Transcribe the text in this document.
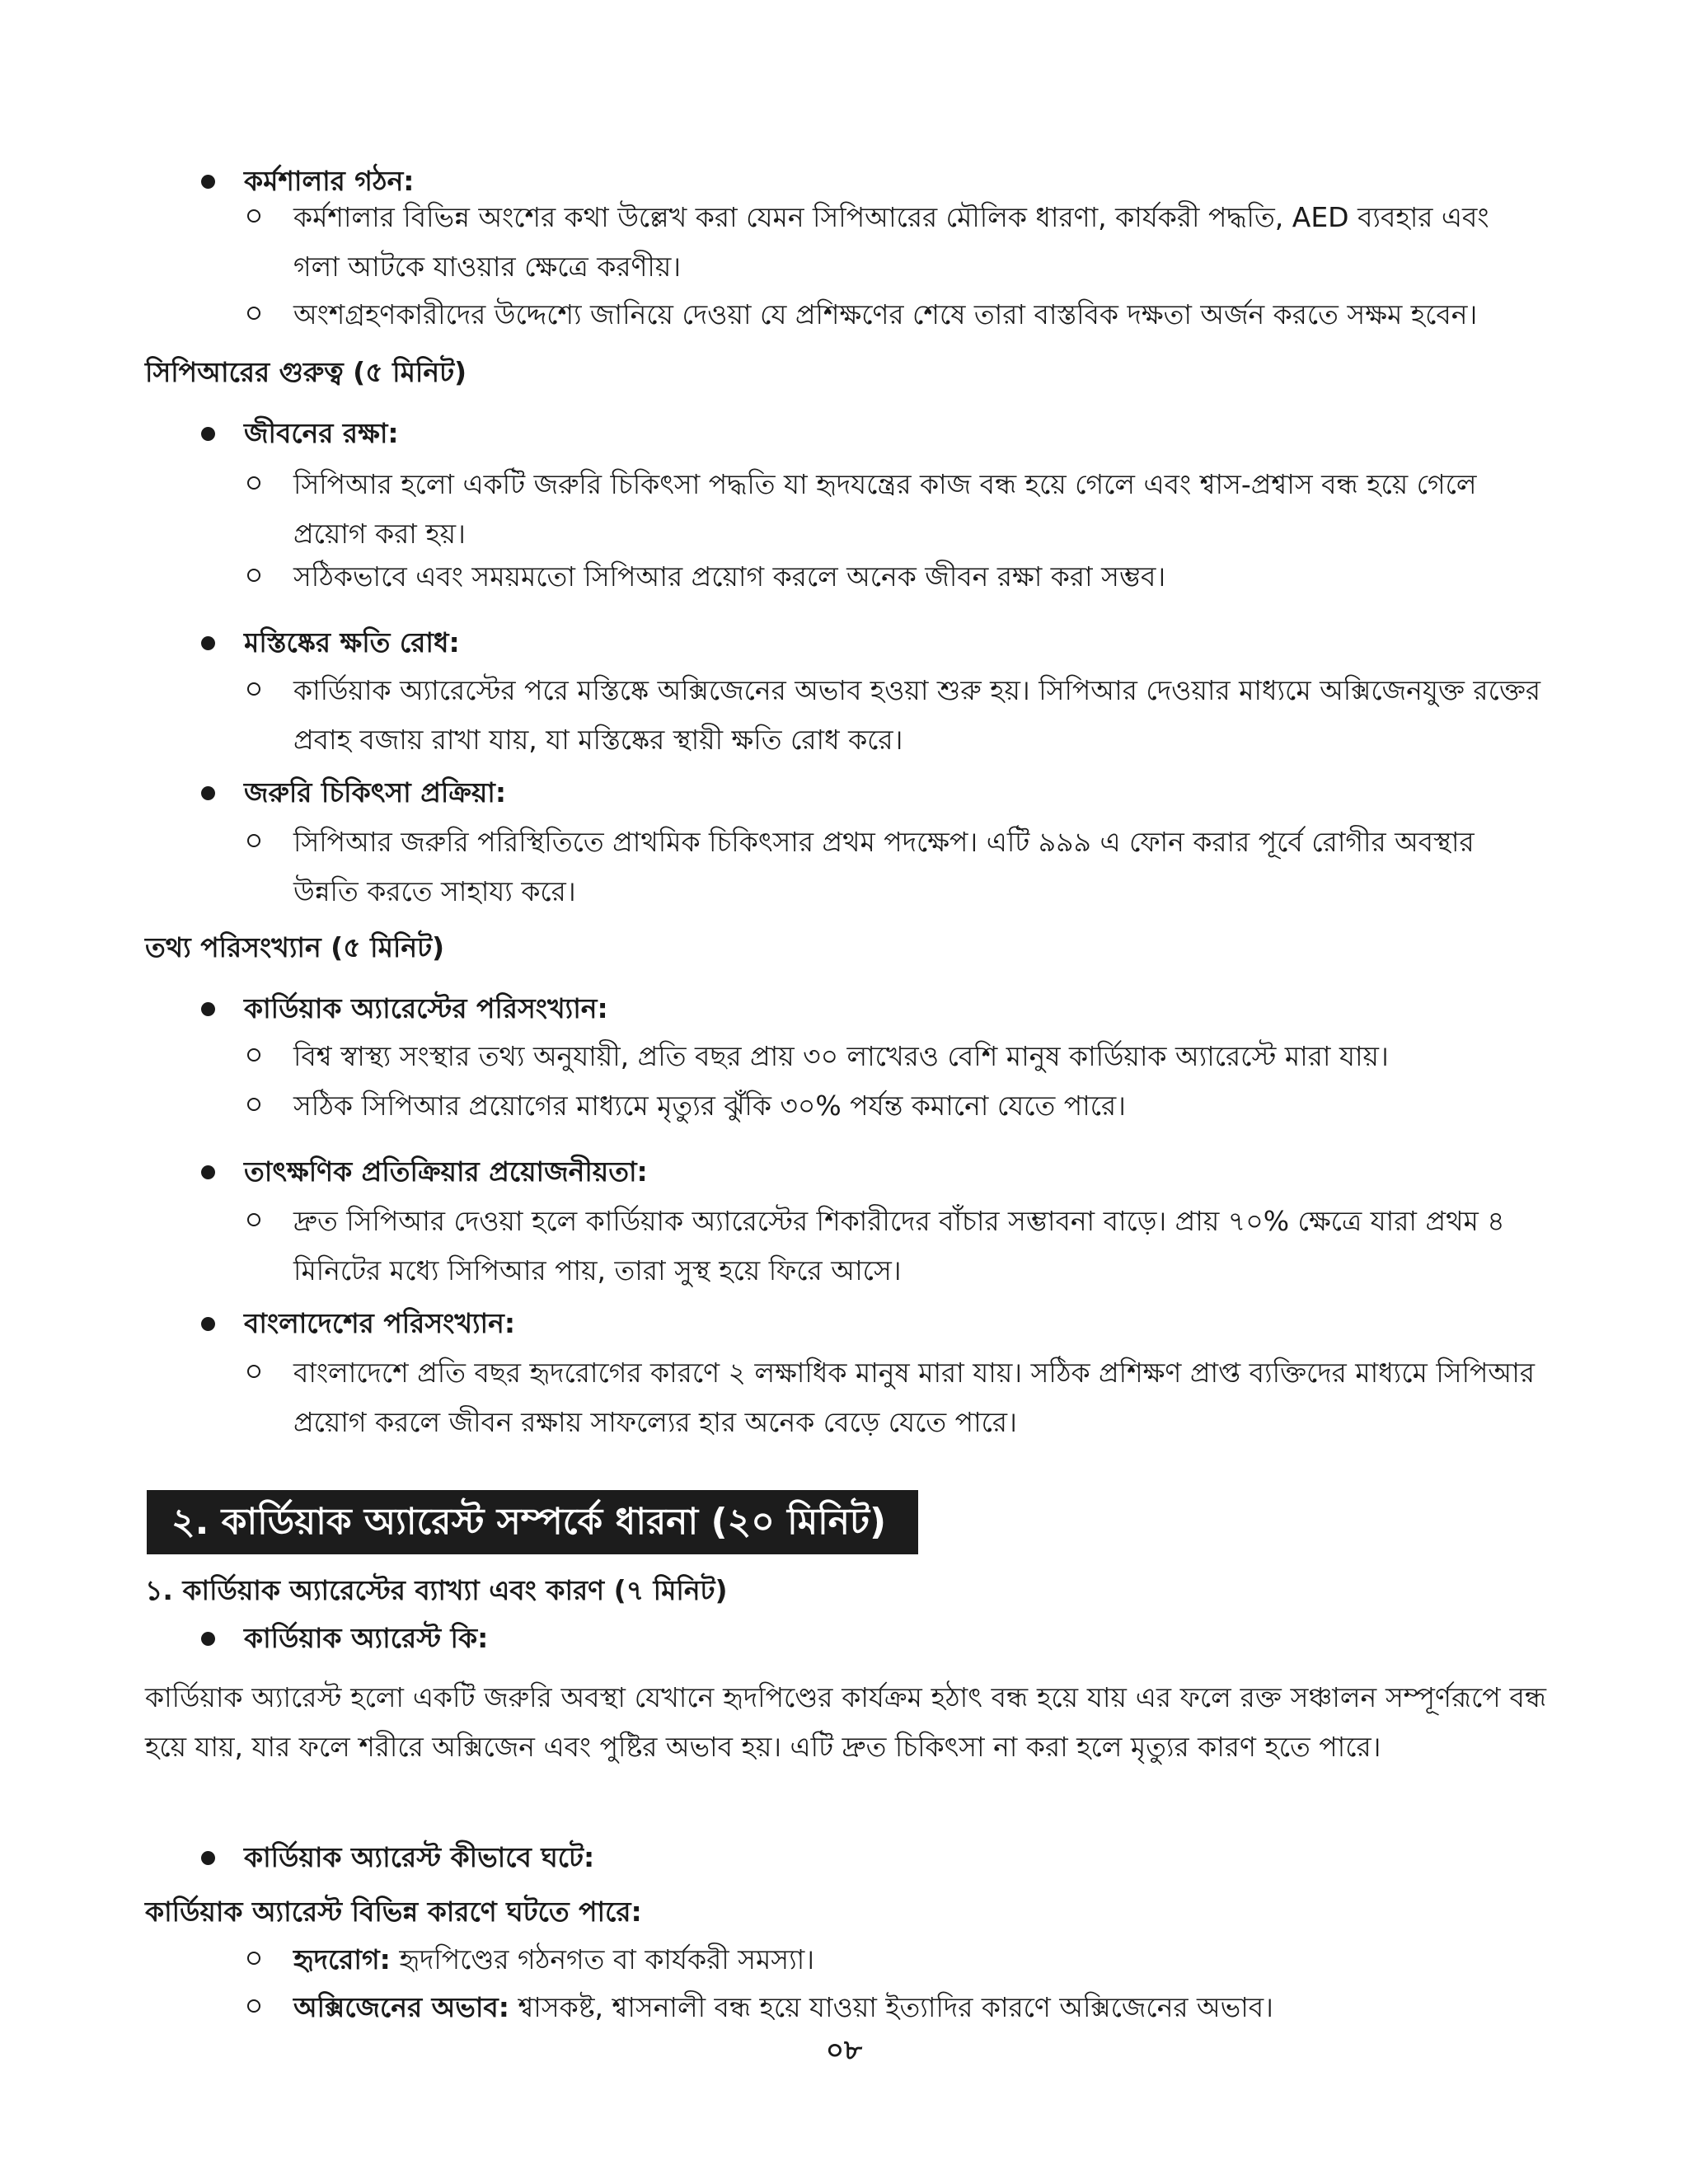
কর্মশালার গঠন:
কর্মশালার বিভিন্ন অংশের কথা উল্লেখ করা যেমন সিপিআরের মৌলিক ধারণা, কার্যকরী পদ্ধতি, AED ব্যবহার এবং গলা আটকে যাওয়ার ক্ষেত্রে করণীয়।
অংশগ্রহণকারীদের উদ্দেশ্যে জানিয়ে দেওয়া যে প্রশিক্ষণের শেষে তারা বাস্তবিক দক্ষতা অর্জন করতে সক্ষম হবেন।
সিপিআরের গুরুত্ব (৫ মিনিট)
জীবনের রক্ষা:
সিপিআর হলো একটি জরুরি চিকিৎসা পদ্ধতি যা হৃদযন্ত্রের কাজ বন্ধ হয়ে গেলে এবং শ্বাস-প্রশ্বাস বন্ধ হয়ে গেলে প্রয়োগ করা হয়।
সঠিকভাবে এবং সময়মতো সিপিআর প্রয়োগ করলে অনেক জীবন রক্ষা করা সম্ভব।
মস্তিষ্কের ক্ষতি রোধ:
কার্ডিয়াক অ্যারেস্টের পরে মস্তিষ্কে অক্সিজেনের অভাব হওয়া শুরু হয়। সিপিআর দেওয়ার মাধ্যমে অক্সিজেনযুক্ত রক্তের প্রবাহ বজায় রাখা যায়, যা মস্তিষ্কের স্থায়ী ক্ষতি রোধ করে।
জরুরি চিকিৎসা প্রক্রিয়া:
সিপিআর জরুরি পরিস্থিতিতে প্রাথমিক চিকিৎসার প্রথম পদক্ষেপ। এটি ৯৯৯ এ ফোন করার পূর্বে রোগীর অবস্থার উন্নতি করতে সাহায্য করে।
তথ্য পরিসংখ্যান (৫ মিনিট)
কার্ডিয়াক অ্যারেস্টের পরিসংখ্যান:
বিশ্ব স্বাস্থ্য সংস্থার তথ্য অনুযায়ী, প্রতি বছর প্রায় ৩০ লাখেরও বেশি মানুষ কার্ডিয়াক অ্যারেস্টে মারা যায়।
সঠিক সিপিআর প্রয়োগের মাধ্যমে মৃত্যুর ঝুঁকি ৩০% পর্যন্ত কমানো যেতে পারে।
তাৎক্ষণিক প্রতিক্রিয়ার প্রয়োজনীয়তা:
দ্রুত সিপিআর দেওয়া হলে কার্ডিয়াক অ্যারেস্টের শিকারীদের বাঁচার সম্ভাবনা বাড়ে। প্রায় ৭০% ক্ষেত্রে যারা প্রথম ৪ মিনিটের মধ্যে সিপিআর পায়, তারা সুস্থ হয়ে ফিরে আসে।
বাংলাদেশের পরিসংখ্যান:
বাংলাদেশে প্রতি বছর হৃদরোগের কারণে ২ লক্ষাধিক মানুষ মারা যায়। সঠিক প্রশিক্ষণ প্রাপ্ত ব্যক্তিদের মাধ্যমে সিপিআর প্রয়োগ করলে জীবন রক্ষায় সাফল্যের হার অনেক বেড়ে যেতে পারে।
২. কার্ডিয়াক অ্যারেস্ট সম্পর্কে ধারনা (২০ মিনিট)
১. কার্ডিয়াক অ্যারেস্টের ব্যাখ্যা এবং কারণ (৭ মিনিট)
কার্ডিয়াক অ্যারেস্ট কি:
কার্ডিয়াক অ্যারেস্ট হলো একটি জরুরি অবস্থা যেখানে হৃদপিণ্ডের কার্যক্রম হঠাৎ বন্ধ হয়ে যায় এর ফলে রক্ত সঞ্চালন সম্পূর্ণরূপে বন্ধ হয়ে যায়, যার ফলে শরীরে অক্সিজেন এবং পুষ্টির অভাব হয়। এটি দ্রুত চিকিৎসা না করা হলে মৃত্যুর কারণ হতে পারে।
কার্ডিয়াক অ্যারেস্ট কীভাবে ঘটে:
কার্ডিয়াক অ্যারেস্ট বিভিন্ন কারণে ঘটতে পারে:
হৃদরোগ: হৃদপিণ্ডের গঠনগত বা কার্যকরী সমস্যা।
অক্সিজেনের অভাব: শ্বাসকষ্ট, শ্বাসনালী বন্ধ হয়ে যাওয়া ইত্যাদির কারণে অক্সিজেনের অভাব।
০৮
